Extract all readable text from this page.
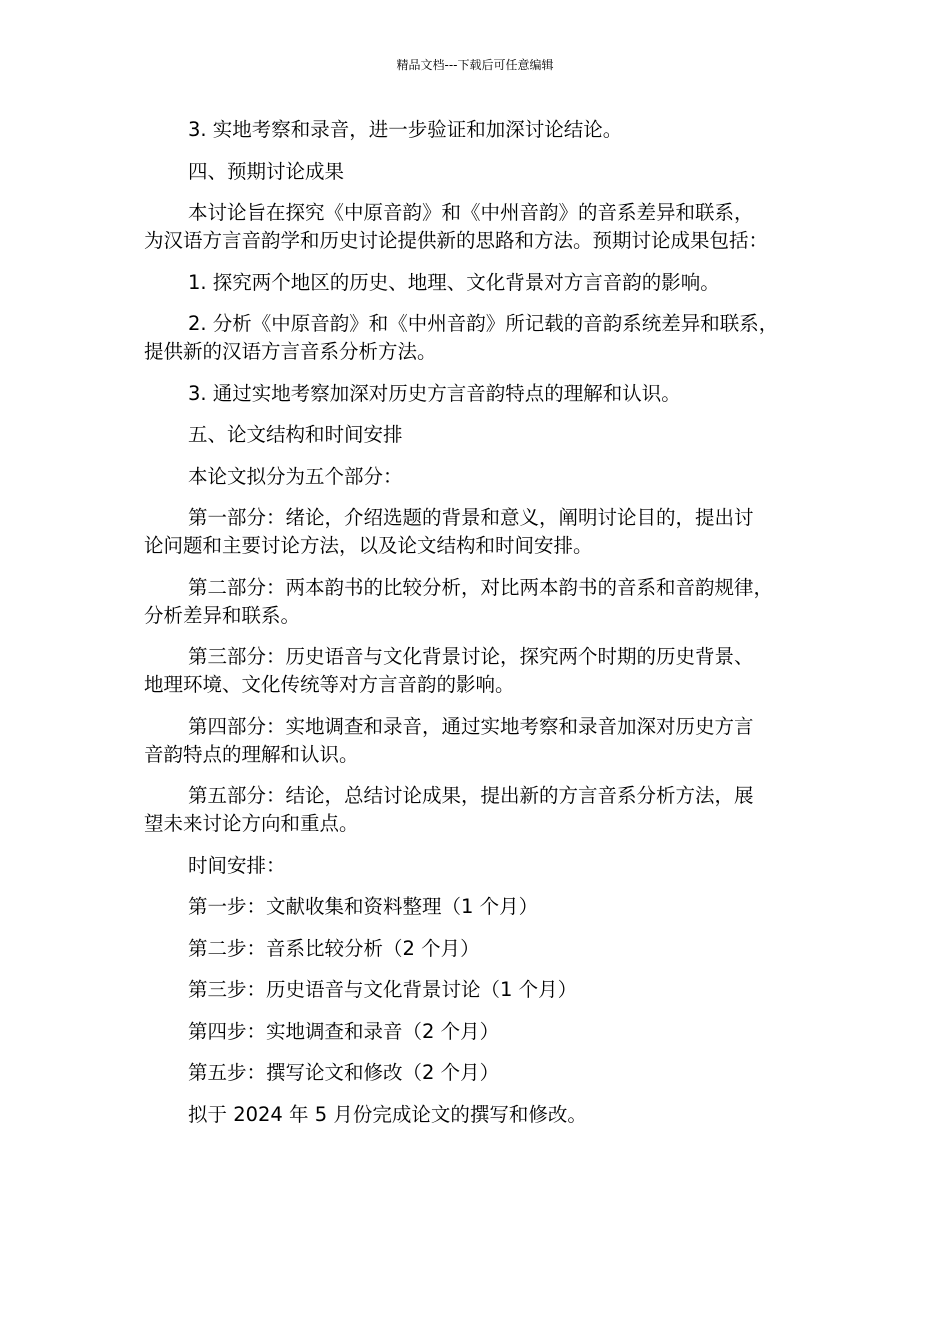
精品文档---下载后可任意编辑

3. 实地考察和录音，进一步验证和加深讨论结论。

四、预期讨论成果

本讨论旨在探究《中原音韵》和《中州音韵》的音系差异和联系，
为汉语方言音韵学和历史讨论提供新的思路和方法。预期讨论成果包括：

1. 探究两个地区的历史、地理、文化背景对方言音韵的影响。

2. 分析《中原音韵》和《中州音韵》所记载的音韵系统差异和联系，
提供新的汉语方言音系分析方法。

3. 通过实地考察加深对历史方言音韵特点的理解和认识。

五、论文结构和时间安排

本论文拟分为五个部分：

第一部分：绪论，介绍选题的背景和意义，阐明讨论目的，提出讨
论问题和主要讨论方法，以及论文结构和时间安排。

第二部分：两本韵书的比较分析，对比两本韵书的音系和音韵规律，
分析差异和联系。

第三部分：历史语音与文化背景讨论，探究两个时期的历史背景、
地理环境、文化传统等对方言音韵的影响。

第四部分：实地调查和录音，通过实地考察和录音加深对历史方言
音韵特点的理解和认识。

第五部分：结论，总结讨论成果，提出新的方言音系分析方法，展
望未来讨论方向和重点。

时间安排：

第一步：文献收集和资料整理（1 个月）

第二步：音系比较分析（2 个月）

第三步：历史语音与文化背景讨论（1 个月）

第四步：实地调查和录音（2 个月）

第五步：撰写论文和修改（2 个月）

拟于 2024 年 5 月份完成论文的撰写和修改。
